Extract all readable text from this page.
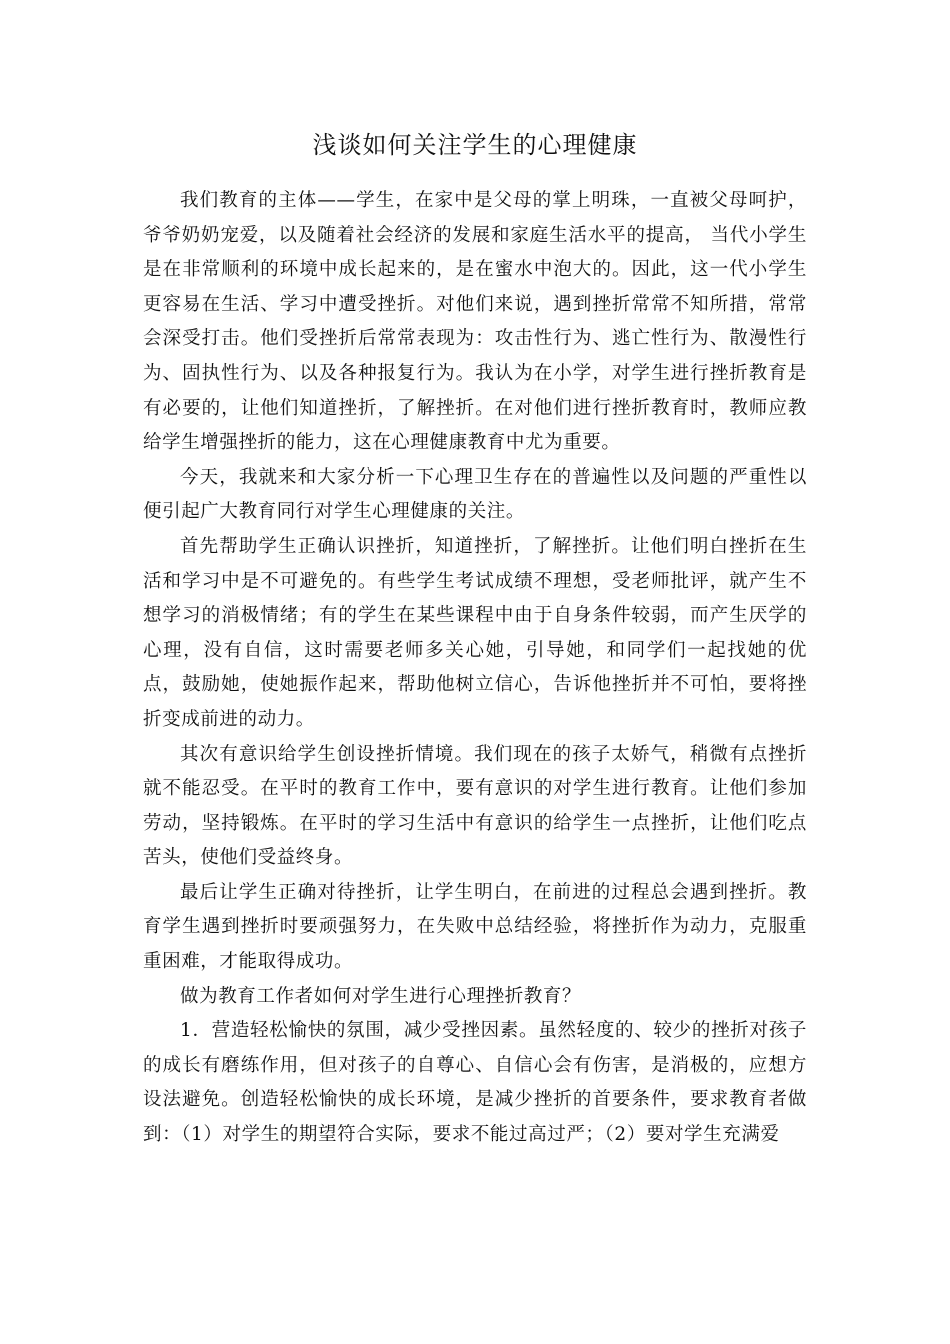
浅谈如何关注学生的心理健康

我们教育的主体——学生，在家中是父母的掌上明珠，一直被父母呵护，爷爷奶奶宠爱，以及随着社会经济的发展和家庭生活水平的提高， 当代小学生是在非常顺利的环境中成长起来的，是在蜜水中泡大的。因此，这一代小学生更容易在生活、学习中遭受挫折。对他们来说，遇到挫折常常不知所措，常常会深受打击。他们受挫折后常常表现为：攻击性行为、逃亡性行为、散漫性行为、固执性行为、以及各种报复行为。我认为在小学，对学生进行挫折教育是有必要的，让他们知道挫折，了解挫折。在对他们进行挫折教育时，教师应教给学生增强挫折的能力，这在心理健康教育中尤为重要。

今天，我就来和大家分析一下心理卫生存在的普遍性以及问题的严重性以便引起广大教育同行对学生心理健康的关注。

首先帮助学生正确认识挫折，知道挫折，了解挫折。让他们明白挫折在生活和学习中是不可避免的。有些学生考试成绩不理想，受老师批评，就产生不想学习的消极情绪；有的学生在某些课程中由于自身条件较弱，而产生厌学的心理，没有自信，这时需要老师多关心她，引导她，和同学们一起找她的优点，鼓励她，使她振作起来，帮助他树立信心，告诉他挫折并不可怕，要将挫折变成前进的动力。

其次有意识给学生创设挫折情境。我们现在的孩子太娇气，稍微有点挫折就不能忍受。在平时的教育工作中，要有意识的对学生进行教育。让他们参加劳动，坚持锻炼。在平时的学习生活中有意识的给学生一点挫折，让他们吃点苦头，使他们受益终身。

最后让学生正确对待挫折，让学生明白，在前进的过程总会遇到挫折。教育学生遇到挫折时要顽强努力，在失败中总结经验，将挫折作为动力，克服重重困难，才能取得成功。

做为教育工作者如何对学生进行心理挫折教育？

1．营造轻松愉快的氛围，减少受挫因素。虽然轻度的、较少的挫折对孩子的成长有磨练作用，但对孩子的自尊心、自信心会有伤害，是消极的，应想方设法避免。创造轻松愉快的成长环境，是减少挫折的首要条件，要求教育者做到：（1）对学生的期望符合实际，要求不能过高过严；（2）要对学生充满爱
